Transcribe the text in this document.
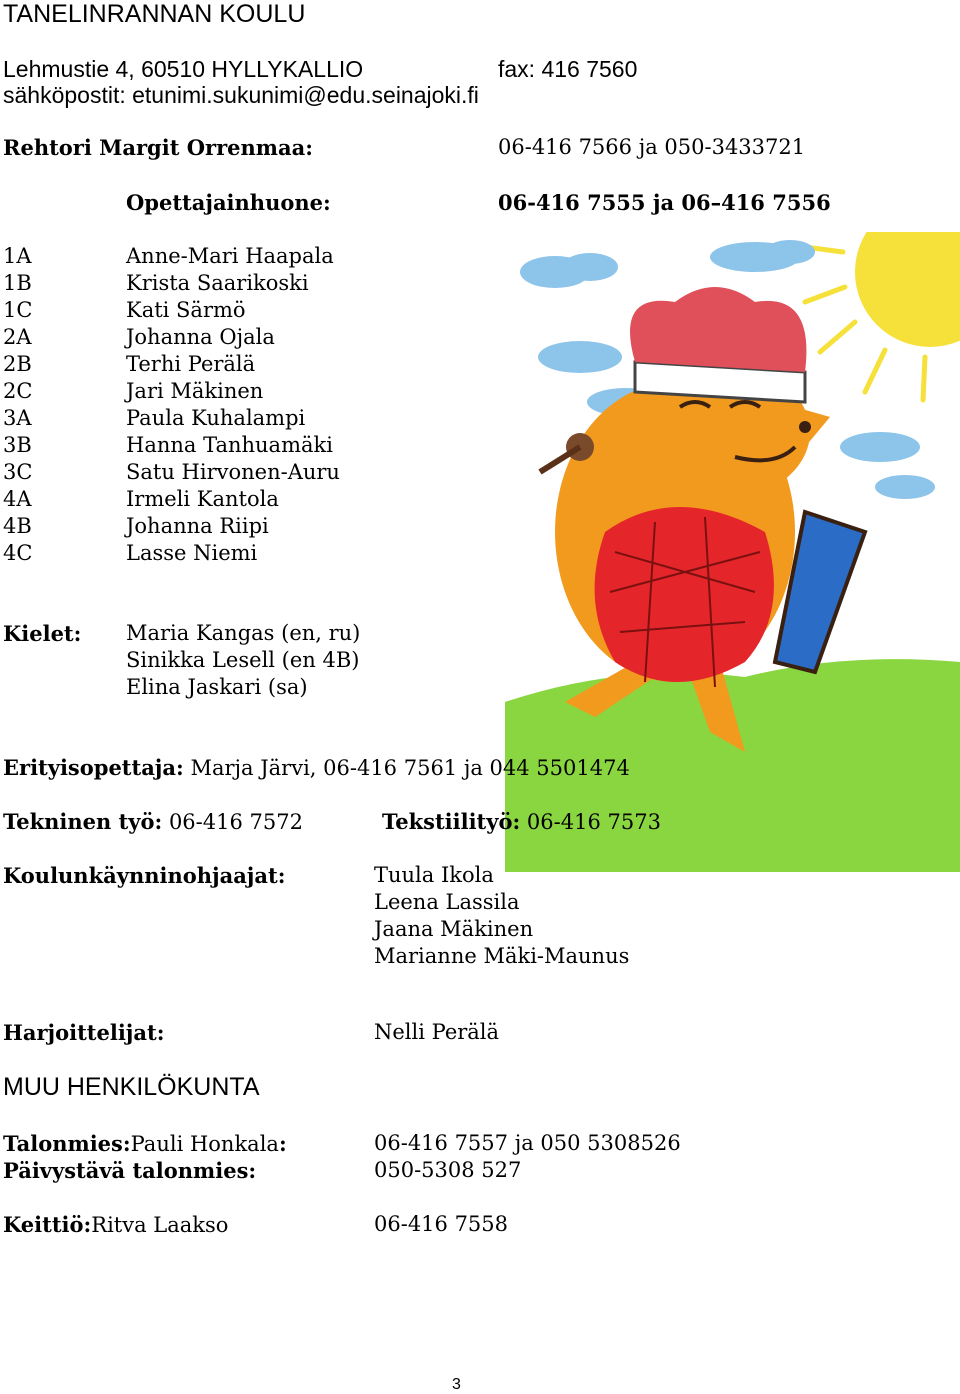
TANELINRANNAN KOULU
Lehmustie 4, 60510 HYLLYKALLIO	fax: 416 7560
sähköpostit: etunimi.sukunimi@edu.seinajoki.fi
Rehtori Margit Orrenmaa:	06-416 7566 ja 050-3433721
Opettajainhuone:	06-416 7555 ja 06–416 7556
1A	Anne-Mari Haapala
1B	Krista Saarikoski
1C	Kati Särmö
2A	Johanna Ojala
2B	Terhi Perälä
2C	Jari Mäkinen
3A	Paula Kuhalampi
3B	Hanna Tanhuamäki
3C	Satu Hirvonen-Auru
4A	Irmeli Kantola
4B	Johanna Riipi
4C	Lasse Niemi
Kielet: Maria Kangas (en, ru)
Sinikka Lesell (en 4B)
Elina Jaskari (sa)
Erityisopettaja: Marja Järvi, 06-416 7561 ja 044 5501474
Tekninen työ: 06-416 7572	Tekstiilityö: 06-416 7573
Koulunkäynninohjaajat:	Tuula Ikola
Leena Lassila
Jaana Mäkinen
Marianne Mäki-Maunus
Harjoittelijat:	Nelli Perälä
MUU HENKILÖKUNTA
Talonmies:Pauli Honkala:	06-416 7557 ja 050 5308526
Päivystävä talonmies:	050-5308 527
Keittiö:Ritva Laakso	06-416 7558
3
